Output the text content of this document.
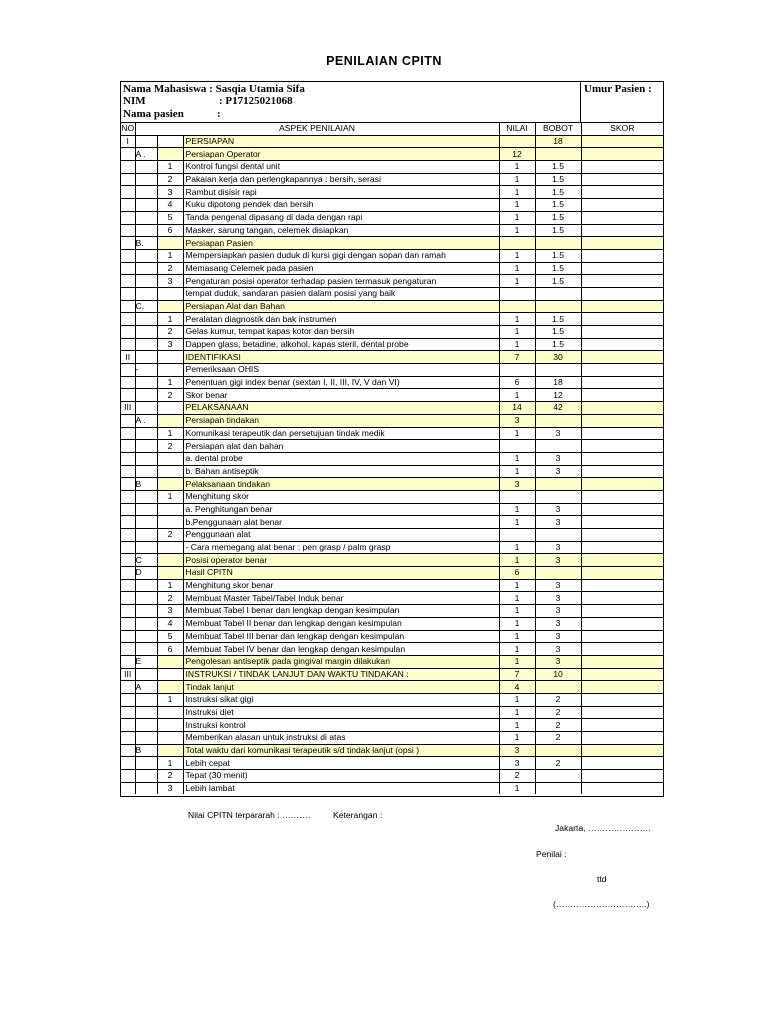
PENILAIAN CPITN
Nama Mahasiswa : Sasqia Utamia Sifa
NIM	: P17125021068
Nama pasien	:
Umur Pasien :
NO	ASPEK PENILAIAN			NILAI	BOBOT	SKOR
I			PERSIAPAN		18	
	A .		Persiapan Operator	12		
		1	Kontrol fungsi dental unit	1	1.5	
		2	Pakaian kerja dan perlengkapannya : bersih, serasi	1	1.5	
		3	Rambut disisir rapi	1	1.5	
		4	Kuku dipotong pendek dan bersih	1	1.5	
		5	Tanda pengenal dipasang di dada dengan rapi	1	1.5	
		6	Masker, sarung tangan, celemek disiapkan	1	1.5	
	B.		Persiapan Pasien			
		1	Mempersiapkan pasien duduk di kursi gigi dengan sopan dan ramah	1	1.5	
		2	Memasang Celemek pada pasien	1	1.5	
		3	Pengaturan posisi operator terhadap pasien termasuk pengaturan	1	1.5	
			tempat duduk, sandaran pasien dalam posisi yang baik			
	C.		Persiapan Alat dan Bahan			
		1	Peralatan diagnostik dan bak instrumen	1	1.5	
		2	Gelas kumur, tempat kapas kotor dan bersih	1	1.5	
		3	Dappen glass, betadine, alkohol, kapas steril, dental probe	1	1.5	
II			IDENTIFIKASI	7	30	
	-		Pemeriksaan OHIS			
		1	Penentuan gigi index benar (sextan I, II, III, IV, V dan VI)	6	18	
		2	Skor benar	1	12	
III			PELAKSANAAN	14	42	
	A .		Persiapan tindakan	3		
		1	Komunikasi terapeutik dan persetujuan tindak medik	1	3	
		2	Persiapan alat dan bahan			
			a. dental probe	1	3	
			b. Bahan antiseptik	1	3	
	B		Pelaksanaan tindakan	3		
		1	Menghitung skor			
			a. Penghitungan benar	1	3	
			b.Penggunaan alat benar	1	3	
		2	Penggunaan alat			
			- Cara memegang alat benar : pen grasp / palm grasp	1	3	
	C		Posisi operator benar	1	3	
	D		Hasil CPITN	6		
		1	Menghitung skor benar	1	3	
		2	Membuat Master Tabel/Tabel Induk benar	1	3	
		3	Membuat Tabel I benar dan lengkap dengan kesimpulan	1	3	
		4	Membuat Tabel II benar dan lengkap dengan kesimpulan	1	3	
		5	Membuat Tabel III benar dan lengkap dengan kesimpulan	1	3	
		6	Membuat Tabel IV benar dan lengkap dengan kesimpulan	1	3	
	E		Pengolesan antiseptik pada gingival margin dilakukan	1	3	
III			INSTRUKSI / TINDAK LANJUT DAN WAKTU TINDAKAN :	7	10	
	A		Tindak lanjut	4		
		1	Instruksi sikat gigi	1	2	
			Instruksi diet	1	2	
			Instruksi kontrol	1	2	
			Memberikan alasan untuk instruksi di atas	1	2	
	B		Total waktu dari komunikasi terapeutik s/d tindak lanjut (opsi )	3		
		1	Lebih cepat	3	2	
		2	Tepat (30 menit)	2		
		3	Lebih lambat	1		
Nilai CPITN terpararah : ……….	Keterangan :
Jakarta, ………………….
Penilai :
ttd
(…………………………..)
